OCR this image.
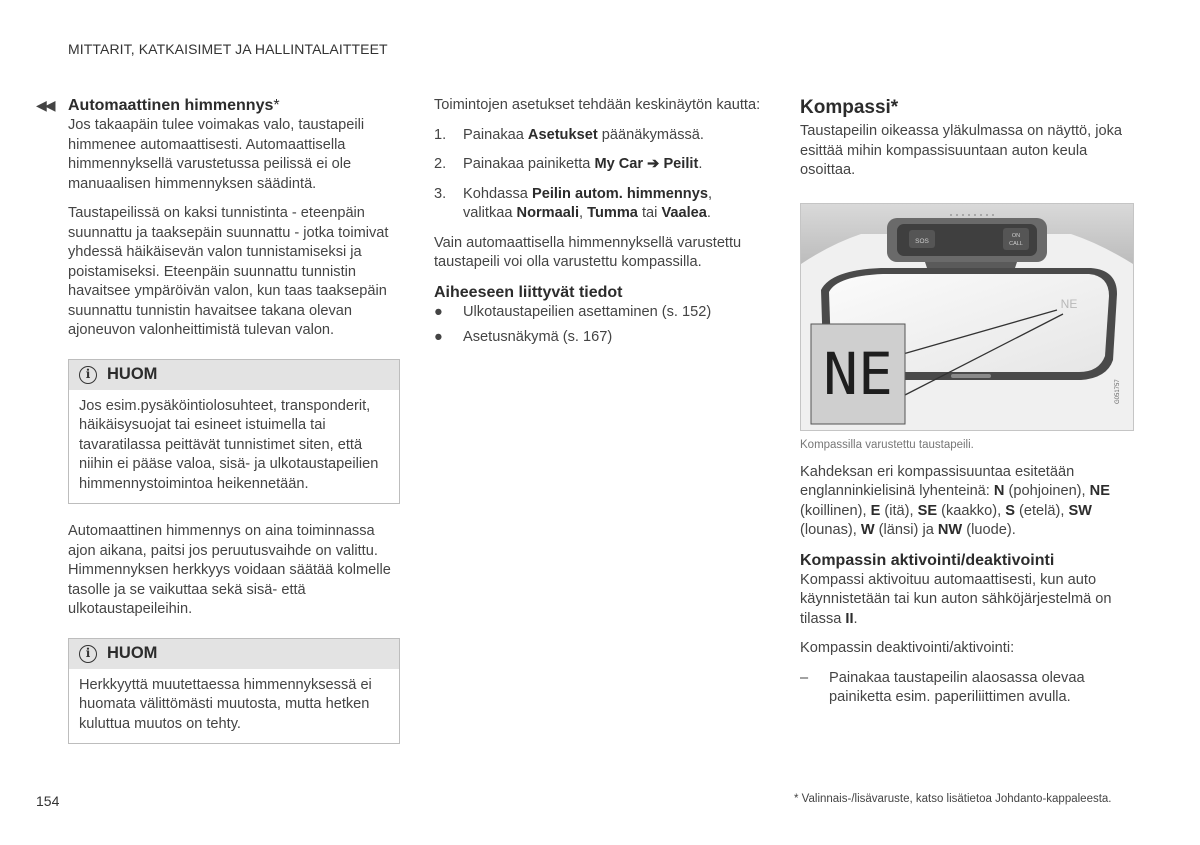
MITTARIT, KATKAISIMET JA HALLINTALAITTEET
◀◀ Automaattinen himmennys*

Jos takaapäin tulee voimakas valo, taustapeili himmenee automaattisesti. Automaattisella himmennyksellä varustetussa peilissä ei ole manuaalisen himmennyksen säädintä.

Taustapeilissä on kaksi tunnistinta - eteenpäin suunnattu ja taaksepäin suunnattu - jotka toimivat yhdessä häikäisevän valon tunnistamiseksi ja poistamiseksi. Eteenpäin suunnattu tunnistin havaitsee ympäröivän valon, kun taas taaksepäin suunnattu tunnistin havaitsee takana olevan ajoneuvon valonheittimistä tulevan valon.

i	HUOM
Jos esim.pysäköintiolosuhteet, transponderit, häikäisysuojat tai esineet istuimella tai tavaratilassa peittävät tunnistimet siten, että niihin ei pääse valoa, sisä- ja ulkotaustapeilien himmennystoimintoa heikennetään.

Automaattinen himmennys on aina toiminnassa ajon aikana, paitsi jos peruutusvaihde on valittu. Himmennyksen herkkyys voidaan säätää kolmelle tasolle ja se vaikuttaa sekä sisä- että ulkotaustapeileihin.

i	HUOM
Herkkyyttä muutettaessa himmennyksessä ei huomata välittömästi muutosta, mutta hetken kuluttua muutos on tehty.

Toimintojen asetukset tehdään keskinäytön kautta:

1.	Painakaa Asetukset päänäkymässä.
2.	Painakaa painiketta My Car ➔ Peilit.
3.	Kohdassa Peilin autom. himmennys, valitkaa Normaali, Tumma tai Vaalea.

Vain automaattisella himmennyksellä varustettu taustapeili voi olla varustettu kompassilla.

Aiheeseen liittyvät tiedot
●	Ulkotaustapeilien asettaminen (s. 152)
●	Asetusnäkymä (s. 167)
Kompassi*

Taustapeilin oikeassa yläkulmassa on näyttö, joka esittää mihin kompassisuuntaan auton keula osoittaa.

SOS
ON
CALL
NE
NE	G051757

Kompassilla varustettu taustapeili.

Kahdeksan eri kompassisuuntaa esitetään englanninkielisinä lyhenteinä: N (pohjoinen), NE (koillinen), E (itä), SE (kaakko), S (etelä), SW (lounas), W (länsi) ja NW (luode).

Kompassin aktivointi/deaktivointi

Kompassi aktivoituu automaattisesti, kun auto käynnistetään tai kun auton sähköjärjestelmä on tilassa II.

Kompassin deaktivointi/aktivointi:

–	Painakaa taustapeilin alaosassa olevaa painiketta esim. paperiliittimen avulla.
154	* Valinnais-/lisävaruste, katso lisätietoa Johdanto-kappaleesta.
